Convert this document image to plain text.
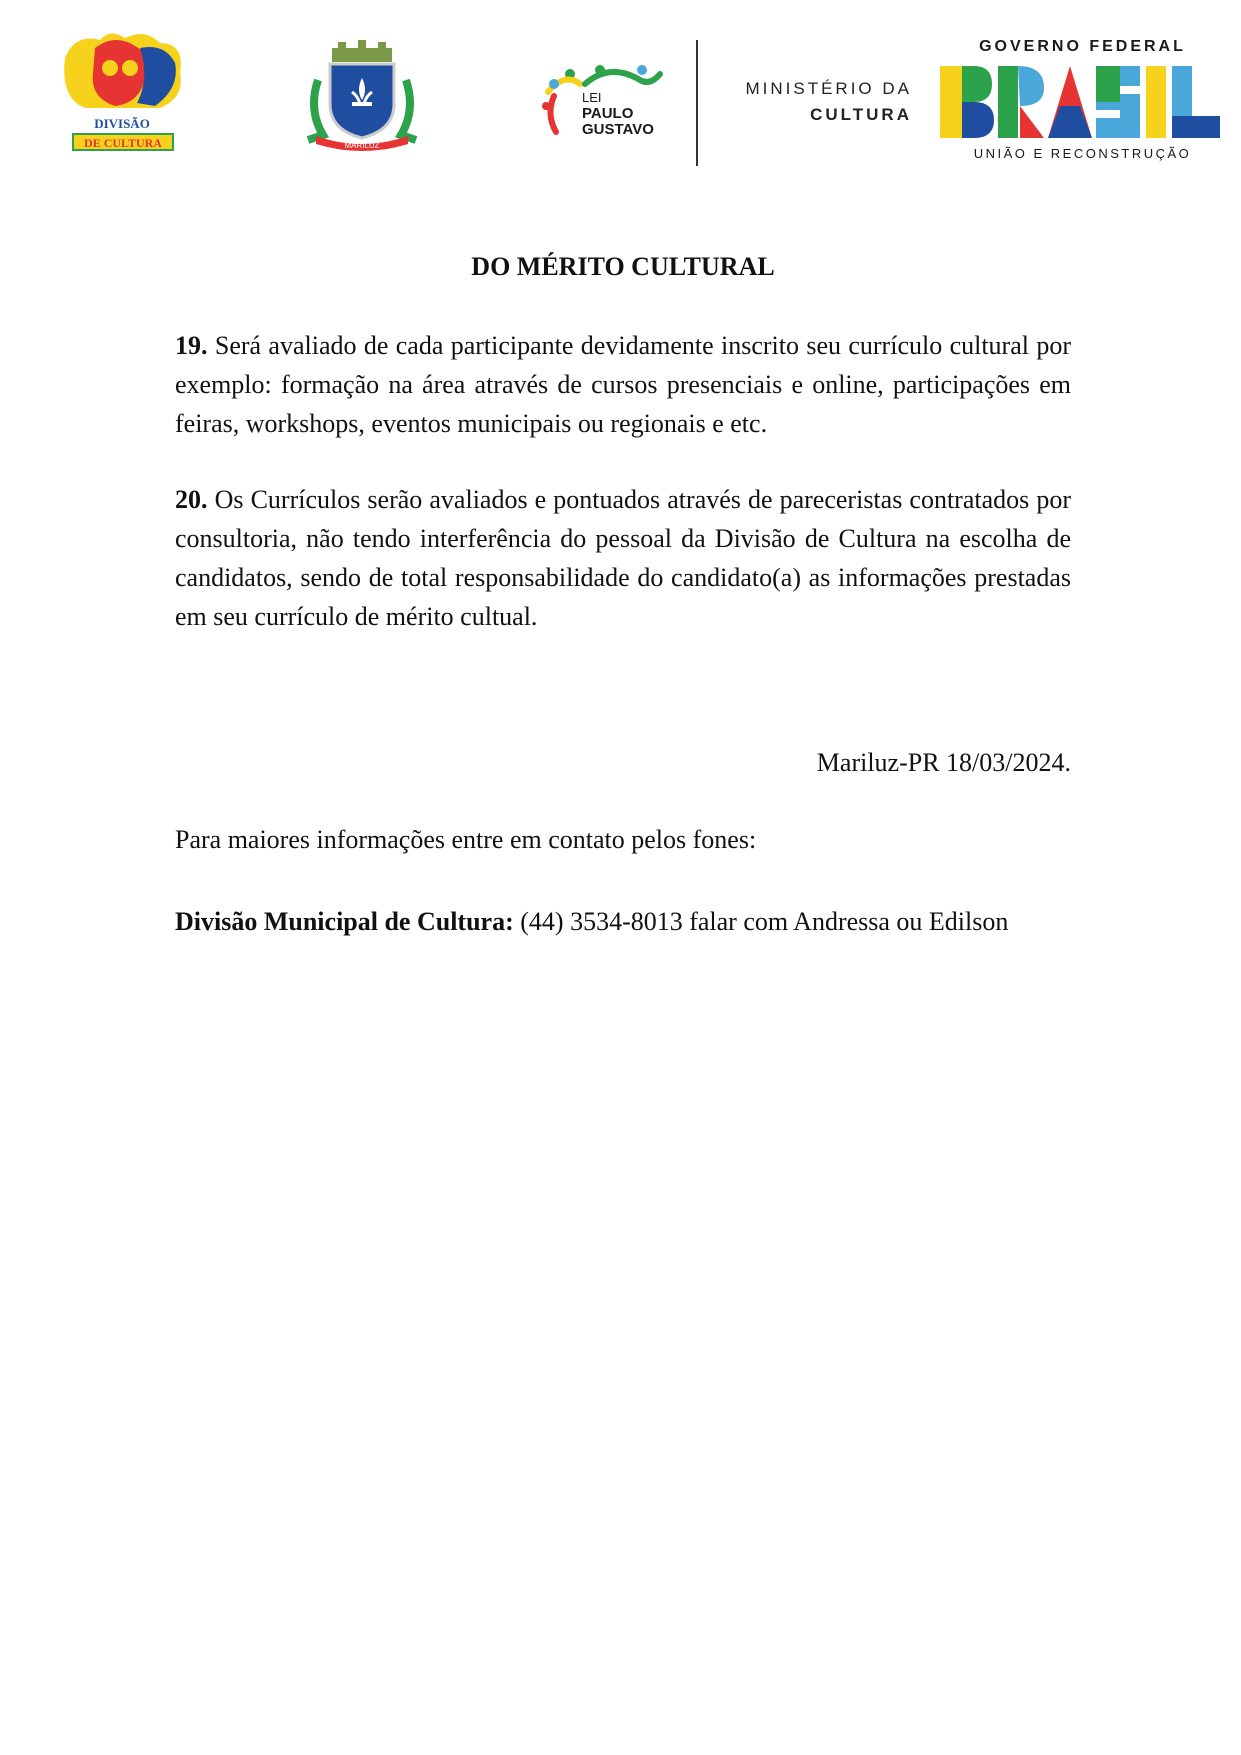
DIVISÃO
DE CULTURA	MARILUZ
LEI
PAULO
GUSTAVO
MINISTÉRIO DA
CULTURA
GOVERNO FEDERAL
UNIÃO E RECONSTRUÇÃO
DO MÉRITO CULTURAL
19. Será avaliado de cada participante devidamente inscrito seu currículo cultural por exemplo: formação na área através de cursos presenciais e online, participações em feiras, workshops, eventos municipais ou regionais e etc.
20. Os Currículos serão avaliados e pontuados através de pareceristas contratados por consultoria, não tendo interferência do pessoal da Divisão de Cultura na escolha de candidatos, sendo de total responsabilidade do candidato(a) as informações prestadas em seu currículo de mérito cultual.
Mariluz-PR 18/03/2024.
Para maiores informações entre em contato pelos fones:
Divisão Municipal de Cultura: (44) 3534-8013 falar com Andressa ou Edilson
